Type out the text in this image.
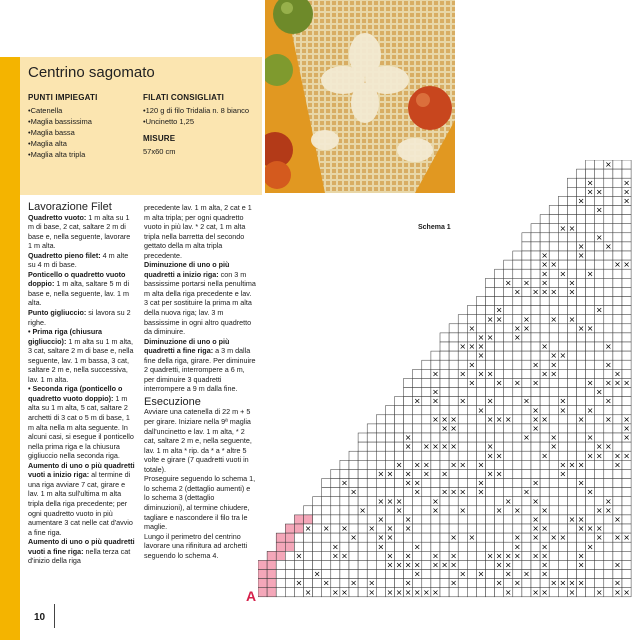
Centrino sagomato
PUNTI IMPIEGATI
• Catenella
• Maglia bassissima
• Maglia bassa
• Maglia alta
• Maglia alta tripla
FILATI CONSIGLIATI
• 120 g di filo Tridalia n. 8 bianco
• Uncinetto 1,25
MISURE
57x60 cm
Lavorazione Filet
Quadretto vuoto: 1 m alta su 1 m di base, 2 cat, saltare 2 m di base e, nella seguente, lavorare 1 m alta.
Quadretto pieno filet: 4 m alte su 4 m di base.
Ponticello o quadretto vuoto doppio: 1 m alta, saltare 5 m di base e, nella seguente, lav. 1 m alta.
Punto gigliuccio: si lavora su 2 righe.
• Prima riga (chiusura gigliuccio): 1 m alta su 1 m alta, 3 cat, saltare 2 m di base e, nella seguente, lav. 1 m bassa, 3 cat, saltare 2 m e, nella successiva, lav. 1 m alta.
• Seconda riga (ponticello o quadretto vuoto doppio): 1 m alta su 1 m alta, 5 cat, saltare 2 archetti di 3 cat o 5 m di base, 1 m alta nella m alta seguente. In alcuni casi, si esegue il ponticello nella prima riga e la chiusura gigliuccio nella seconda riga.
Aumento di uno o più quadretti vuoti a inizio riga: al termine di una riga avviare 7 cat, girare e lav. 1 m alta sull'ultima m alta tripla della riga precedente; per ogni quadretto vuoto in più aumentare 3 cat nelle cat d'avvio a fine riga.
Aumento di uno o più quadretti vuoti a fine riga: nella terza cat d'inizio della riga
precedente lav. 1 m alta, 2 cat e 1 m alta tripla; per ogni quadretto vuoto in più lav. * 2 cat, 1 m alta tripla nella barretta del secondo gettato della m alta tripla precedente.
Diminuzione di uno o più quadretti a inizio riga: con 3 m bassissime portarsi nella penultima m alta della riga precedente e lav. 3 cat per sostituire la prima m alta della nuova riga; lav. 3 m bassissime in ogni altro quadretto da diminuire.
Diminuzione di uno o più quadretti a fine riga: a 3 m dalla fine della riga, girare. Per diminuire 2 quadretti, interrompere a 6 m, per diminuire 3 quadretti interrompere a 9 m dalla fine.
Esecuzione
Avviare una catenella di 22 m + 5 per girare. Iniziare nella 9ª maglia dall'uncinetto e lav. 1 m alta, * 2 cat, saltare 2 m e, nella seguente, lav. 1 m alta * rip. da * a * altre 5 volte e girare (7 quadretti vuoti in totale).
Proseguire seguendo lo schema 1, lo schema 2 (dettaglio aumenti) e lo schema 3 (dettaglio diminuzioni), al termine chiudere, tagliare e nascondere il filo tra le maglie.
Lungo il perimetro del centrino lavorare una rifinitura ad archetti seguendo lo schema 4.
Schema 1
×
×	×
× ×	×
×	×
×
× ×
×
×	×
×	×
× ×	× ×
× ×	×
× × ×	×
× × × × ×
×	×
× ×	×	× ×
×	× ×	× ×
× ×	×
× × ×	×	×
×	× ×
×	× ×	×
×	× × ×	× ×	×
×	× × ×	× × × ×
×	×
× ×	×	×	×	×	×
×	×	×	×
× × ×	× × ×	× ×	×	× ×
× ×	×	×
×	×	×	×	×
× × × × ×	×	×	× ×
× ×	×	× × × ×
× × ×	× × ×	× × ×	×
× × × × ×	× ×	×
×	× ×	×	×	×
×	×	× × × ×	×	×
× × ×	×	×	×	×
×	×	×	×	× ×	×	× ×
×	×	×	× ×	×
× × ×	× × ×	× ×	× × ×
×	× ×	× ×	× × × ×	× × ×
×	×	×	×	×	×
×	× ×	× ×	× ×	× × × × × ×	×
× × × × × × ×	× ×	×	×	×
×	×	× ×	× × ×
×	×	× ×	×	×	× ×	× × × ×	×
×	× ×	× × × × × × ×	×	× ×	×	× × ×
A
10
